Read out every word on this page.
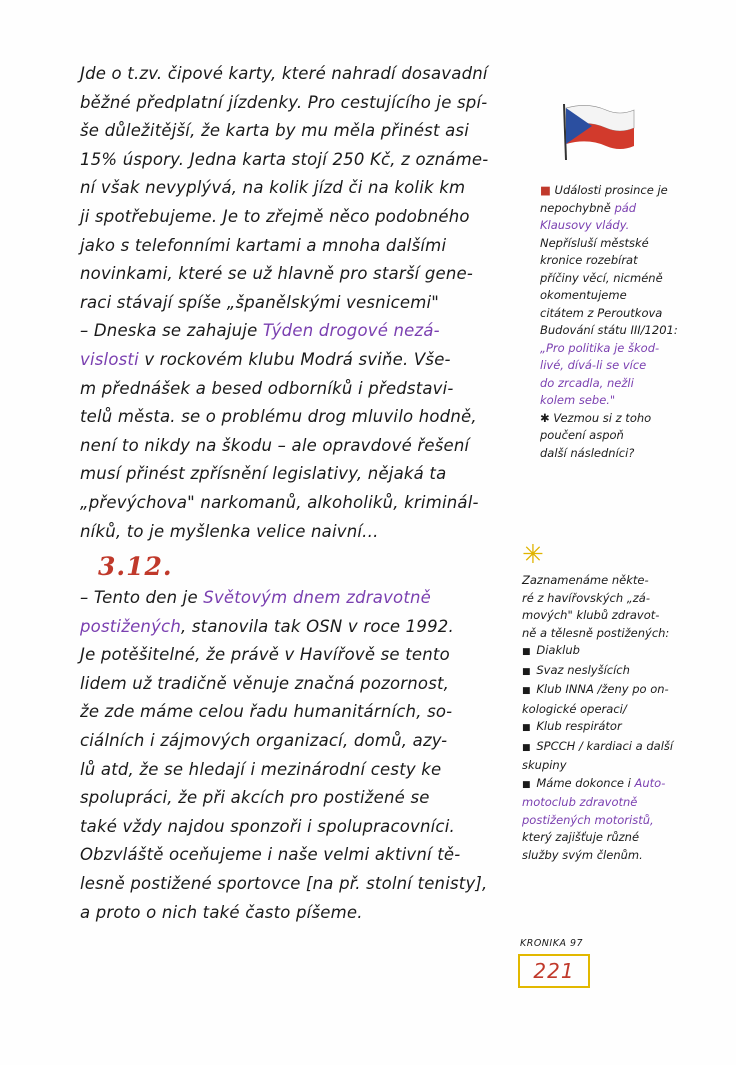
Jde o t.zv. čipové karty, které nahradí dosavadní
běžné předplatní jízdenky. Pro cestujícího je spí-
še důležitější, že karta by mu měla přinést asi
15% úspory. Jedna karta stojí 250 Kč, z oznáme-
ní však nevyplývá, na kolik jízd či na kolik km
ji spotřebujeme. Je to zřejmě něco podobného
jako s telefonními kartami a mnoha dalšími
novinkami, které se už hlavně pro starší gene-
raci stávají spíše „španělskými vesnicemi"
– Dneska se zahajuje Týden drogové nezá-
vislosti v rockovém klubu Modrá sviňe. Vše-
m přednášek a besed odborníků i představi-
telů města. se o problému drog mluvilo hodně,
není to nikdy na škodu – ale opravdové řešení
musí přinést zpřísnění legislativy, nějaká ta
„převýchova" narkomanů, alkoholiků, kriminál-
níků, to je myšlenka velice naivní...
3.12.
– Tento den je Světovým dnem zdravotně
postižených, stanovila tak OSN v roce 1992.
Je potěšitelné, že právě v Havířově se tento
lidem už tradičně věnuje značná pozornost,
že zde máme celou řadu humanitárních, so-
ciálních i zájmových organizací, domů, azy-
lů atd, že se hledají i mezinárodní cesty ke
spolupráci, že při akcích pro postižené se
také vždy najdou sponzoři i spolupracovníci.
Obzvláště oceňujeme i naše velmi aktivní tě-
lesně postižené sportovce [na př. stolní tenisty],
a proto o nich také často píšeme.
■ Události prosince je
nepochybně pád
Klausovy vlády.
Nepřísluší městské
kronice rozebírat
příčiny věcí, nicméně
okomentujeme
citátem z Peroutkova
Budování státu III/1201:
„Pro politika je škod-
livé, dívá-li se více
do zrcadla, nežli
kolem sebe."
✱ Vezmou si z toho
poučení aspoň
další následníci?
✳
Zaznamenáme někte-
ré z havířovských „zá-
mových" klubů zdravot-
ně a tělesně postižených:
■ Diaklub
■ Svaz neslyšících
■ Klub INNA /ženy po on-
kologické operaci/
■ Klub respirátor
■ SPCCH / kardiaci a další
skupiny
■ Máme dokonce i Auto-
motoclub zdravotně
postižených motoristů,
který zajišťuje různé
služby svým členům.
KRONIKA 97
221
